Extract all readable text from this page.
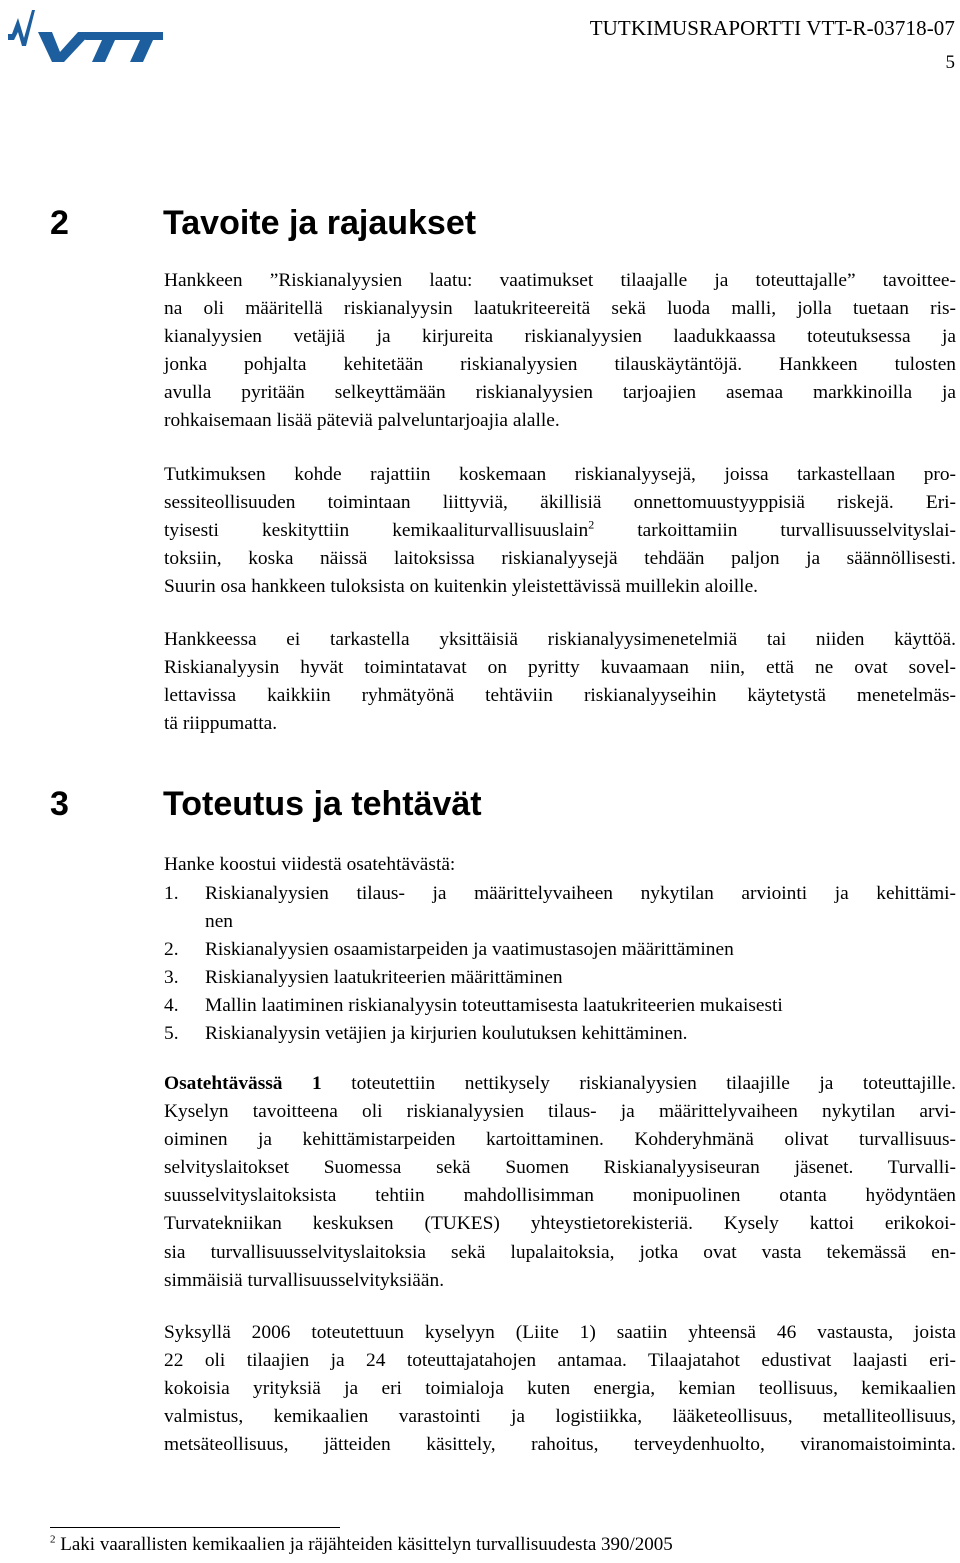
TUTKIMUSRAPORTTI VTT-R-03718-07
5
2	Tavoite ja rajaukset
Hankkeen ”Riskianalyysien laatu: vaatimukset tilaajalle ja toteuttajalle” tavoittee-
na oli määritellä riskianalyysin laatukriteereitä sekä luoda malli, jolla tuetaan ris-
kianalyysien vetäjiä ja kirjureita riskianalyysien laadukkaassa toteutuksessa ja
jonka pohjalta kehitetään riskianalyysien tilauskäytäntöjä. Hankkeen tulosten
avulla pyritään selkeyttämään riskianalyysien tarjoajien asemaa markkinoilla ja
rohkaisemaan lisää päteviä palveluntarjoajia alalle.
Tutkimuksen kohde rajattiin koskemaan riskianalyysejä, joissa tarkastellaan pro-
sessiteollisuuden toimintaan liittyviä, äkillisiä onnettomuustyyppisiä riskejä. Eri-
tyisesti keskityttiin kemikaaliturvallisuuslain$^2$ tarkoittamiin turvallisuusselvityslai-
toksiin, koska näissä laitoksissa riskianalyysejä tehdään paljon ja säännöllisesti.
Suurin osa hankkeen tuloksista on kuitenkin yleistettävissä muillekin aloille.
Hankkeessa ei tarkastella yksittäisiä riskianalyysimenetelmiä tai niiden käyttöä.
Riskianalyysin hyvät toimintatavat on pyritty kuvaamaan niin, että ne ovat sovel-
lettavissa kaikkiin ryhmätyönä tehtäviin riskianalyyseihin käytetystä menetelmäs-
tä riippumatta.
3	Toteutus ja tehtävät
Hanke koostui viidestä osatehtävästä:
1. Riskianalyysien tilaus- ja määrittelyvaiheen nykytilan arviointi ja kehittämi-
nen
2. Riskianalyysien osaamistarpeiden ja vaatimustasojen määrittäminen
3. Riskianalyysien laatukriteerien määrittäminen
4. Mallin laatiminen riskianalyysin toteuttamisesta laatukriteerien mukaisesti
5. Riskianalyysin vetäjien ja kirjurien koulutuksen kehittäminen.
Osatehtävässä 1 toteutettiin nettikysely riskianalyysien tilaajille ja toteuttajille.
Kyselyn tavoitteena oli riskianalyysien tilaus- ja määrittelyvaiheen nykytilan arvi-
oiminen ja kehittämistarpeiden kartoittaminen. Kohderyhmänä olivat turvallisuus-
selvityslaitokset Suomessa sekä Suomen Riskianalyysiseuran jäsenet. Turvalli-
suusselvityslaitoksista tehtiin mahdollisimman monipuolinen otanta hyödyntäen
Turvatekniikan keskuksen (TUKES) yhteystietorekisteriä. Kysely kattoi erikokoi-
sia turvallisuusselvityslaitoksia sekä lupalaitoksia, jotka ovat vasta tekemässä en-
simmäisiä turvallisuusselvityksiään.
Syksyllä 2006 toteutettuun kyselyyn (Liite 1) saatiin yhteensä 46 vastausta, joista
22 oli tilaajien ja 24 toteuttajatahojen antamaa. Tilaajatahot edustivat laajasti eri-
kokoisia yrityksiä ja eri toimialoja kuten energia, kemian teollisuus, kemikaalien
valmistus, kemikaalien varastointi ja logistiikka, lääketeollisuus, metalliteollisuus,
metsäteollisuus, jätteiden käsittely, rahoitus, terveydenhuolto, viranomaistoiminta.
$^2$ Laki vaarallisten kemikaalien ja räjähteiden käsittelyn turvallisuudesta 390/2005
